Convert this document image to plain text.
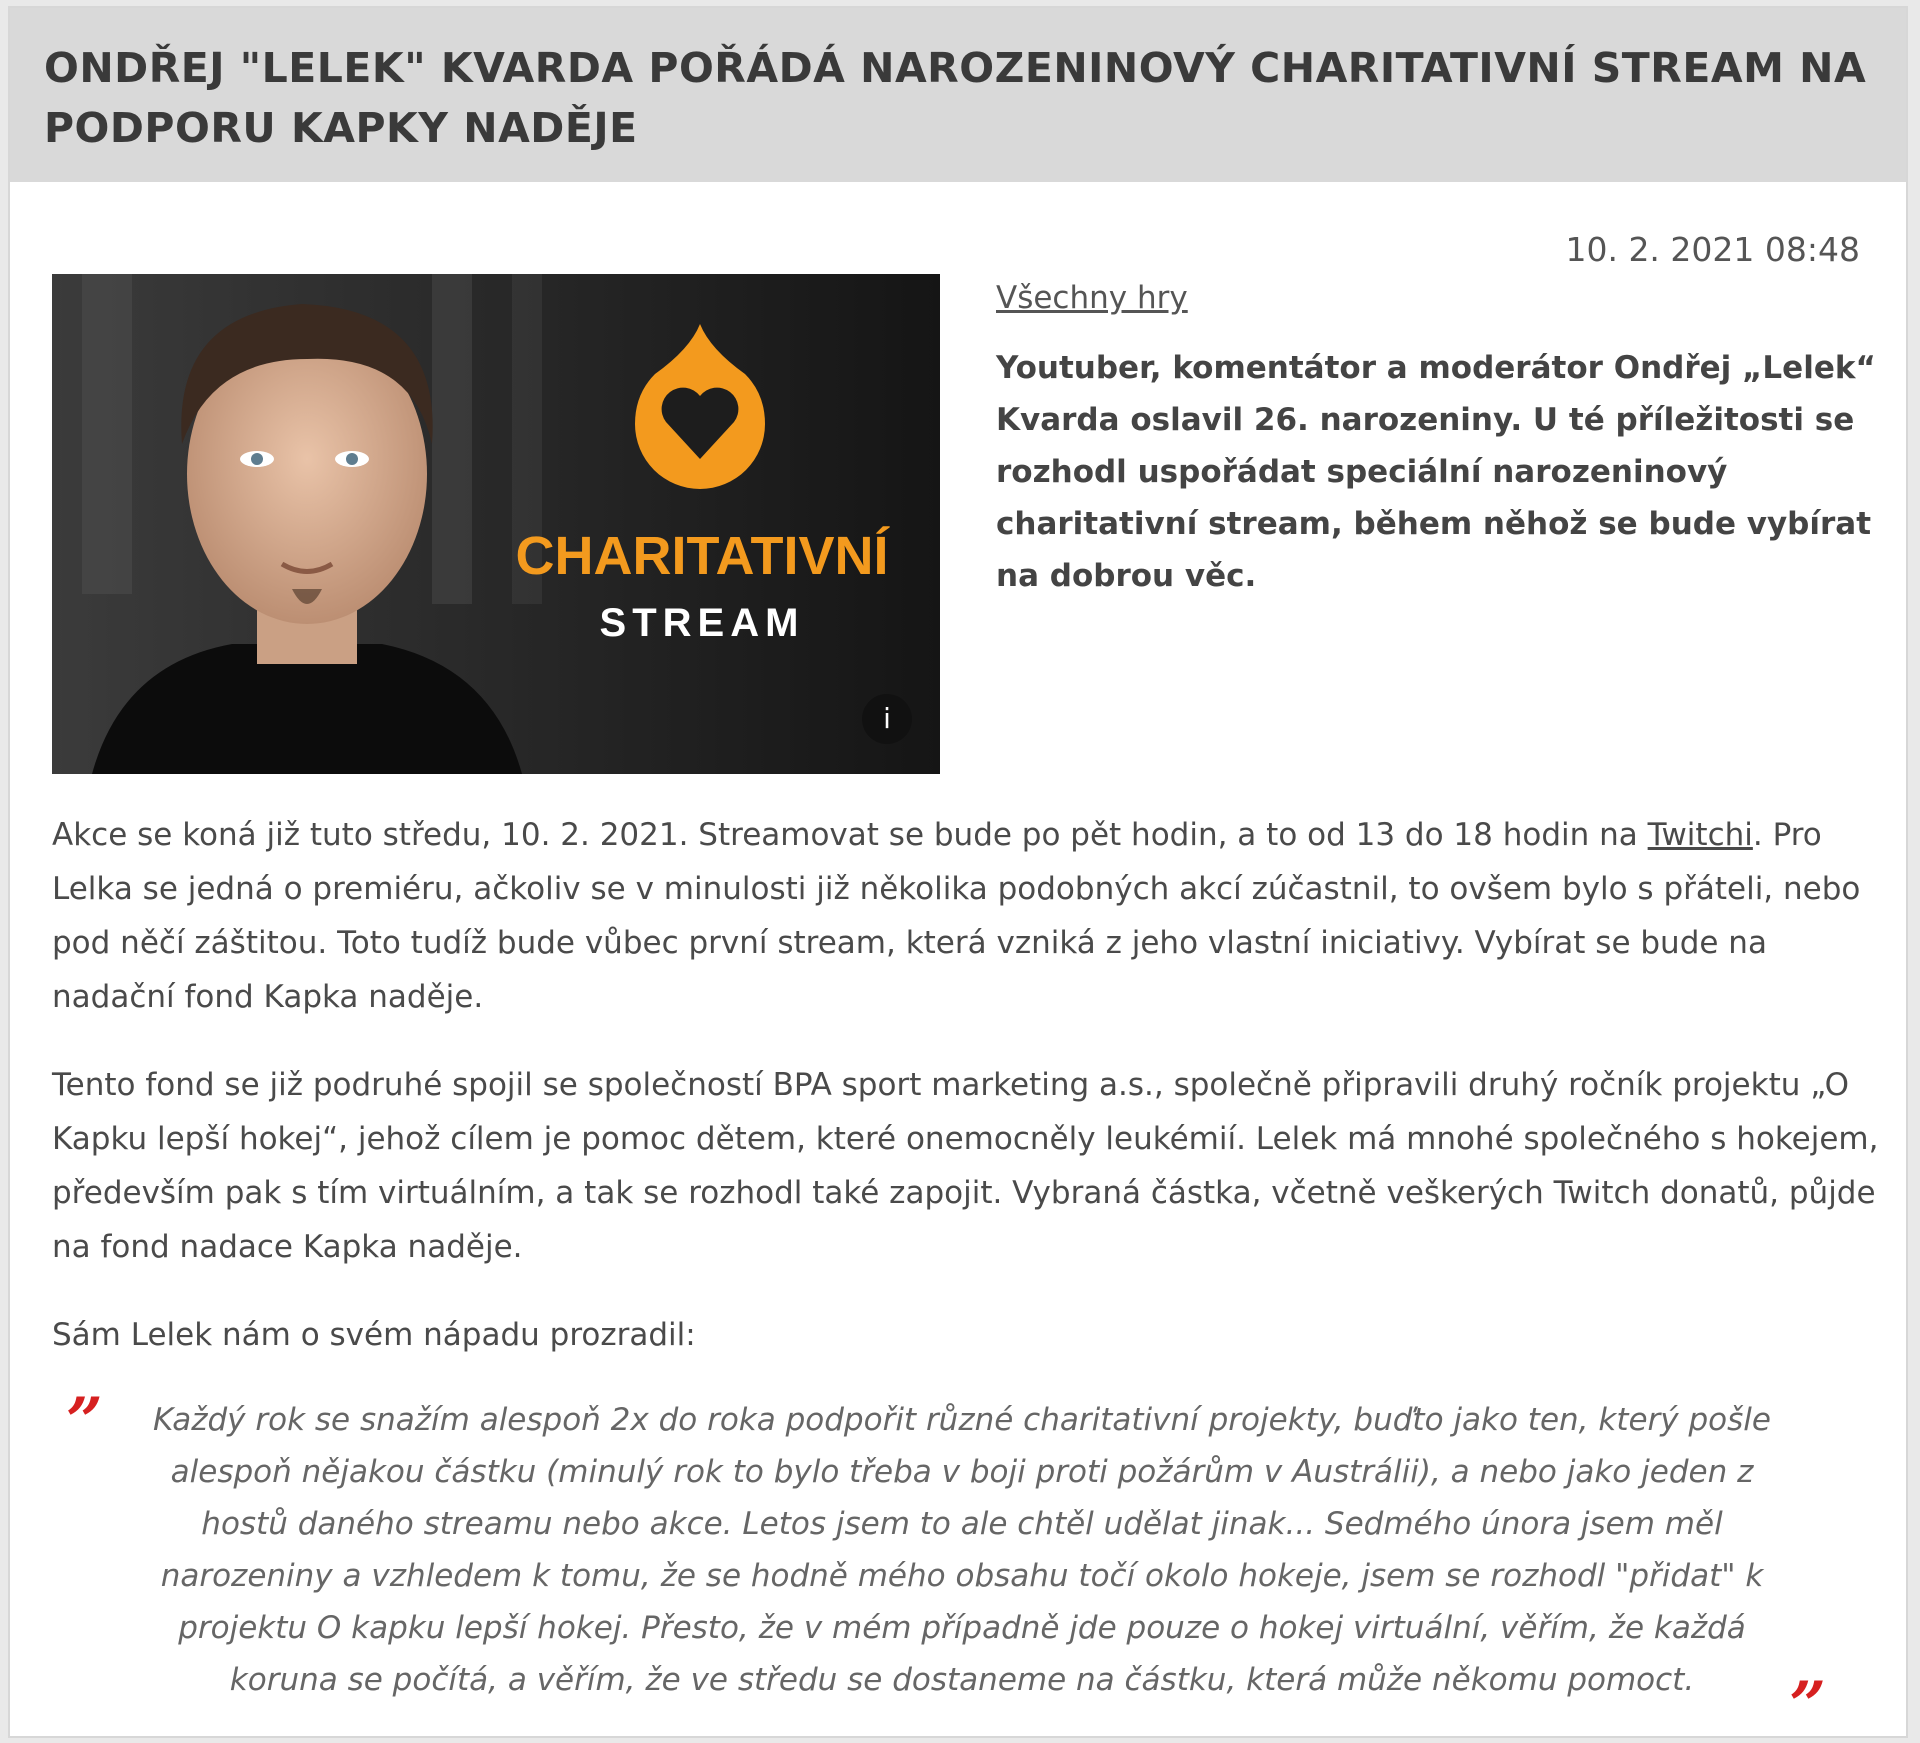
ONDŘEJ "LELEK" KVARDA POŘÁDÁ NAROZENINOVÝ CHARITATIVNÍ STREAM NA PODPORU KAPKY NADĚJE
10. 2. 2021 08:48
CHARITATIVNÍ
STREAM
i
Všechny hry

Youtuber, komentátor a moderátor Ondřej „Lelek“ Kvarda oslavil 26. narozeniny. U té příležitosti se rozhodl uspořádat speciální narozeninový charitativní stream, během něhož se bude vybírat na dobrou věc.

Akce se koná již tuto středu, 10. 2. 2021. Streamovat se bude po pět hodin, a to od 13 do 18 hodin na Twitchi. Pro Lelka se jedná o premiéru, ačkoliv se v minulosti již několika podobných akcí zúčastnil, to ovšem bylo s přáteli, nebo pod něčí záštitou. Toto tudíž bude vůbec první stream, která vzniká z jeho vlastní iniciativy. Vybírat se bude na nadační fond Kapka naděje.

Tento fond se již podruhé spojil se společností BPA sport marketing a.s., společně připravili druhý ročník projektu „O Kapku lepší hokej“, jehož cílem je pomoc dětem, které onemocněly leukémií. Lelek má mnohé společného s hokejem, především pak s tím virtuálním, a tak se rozhodl také zapojit. Vybraná částka, včetně veškerých Twitch donatů, půjde na fond nadace Kapka naděje.

Sám Lelek nám o svém nápadu prozradil:

”	Každý rok se snažím alespoň 2x do roka podpořit různé charitativní projekty, buďto jako ten, který pošle alespoň nějakou částku (minulý rok to bylo třeba v boji proti požárům v Austrálii), a nebo jako jeden z hostů daného streamu nebo akce. Letos jsem to ale chtěl udělat jinak... Sedmého února jsem měl narozeniny a vzhledem k tomu, že se hodně mého obsahu točí okolo hokeje, jsem se rozhodl "přidat" k projektu O kapku lepší hokej. Přesto, že v mém případně jde pouze o hokej virtuální, věřím, že každá koruna se počítá, a věřím, že ve středu se dostaneme na částku, která může někomu pomoct.	”
